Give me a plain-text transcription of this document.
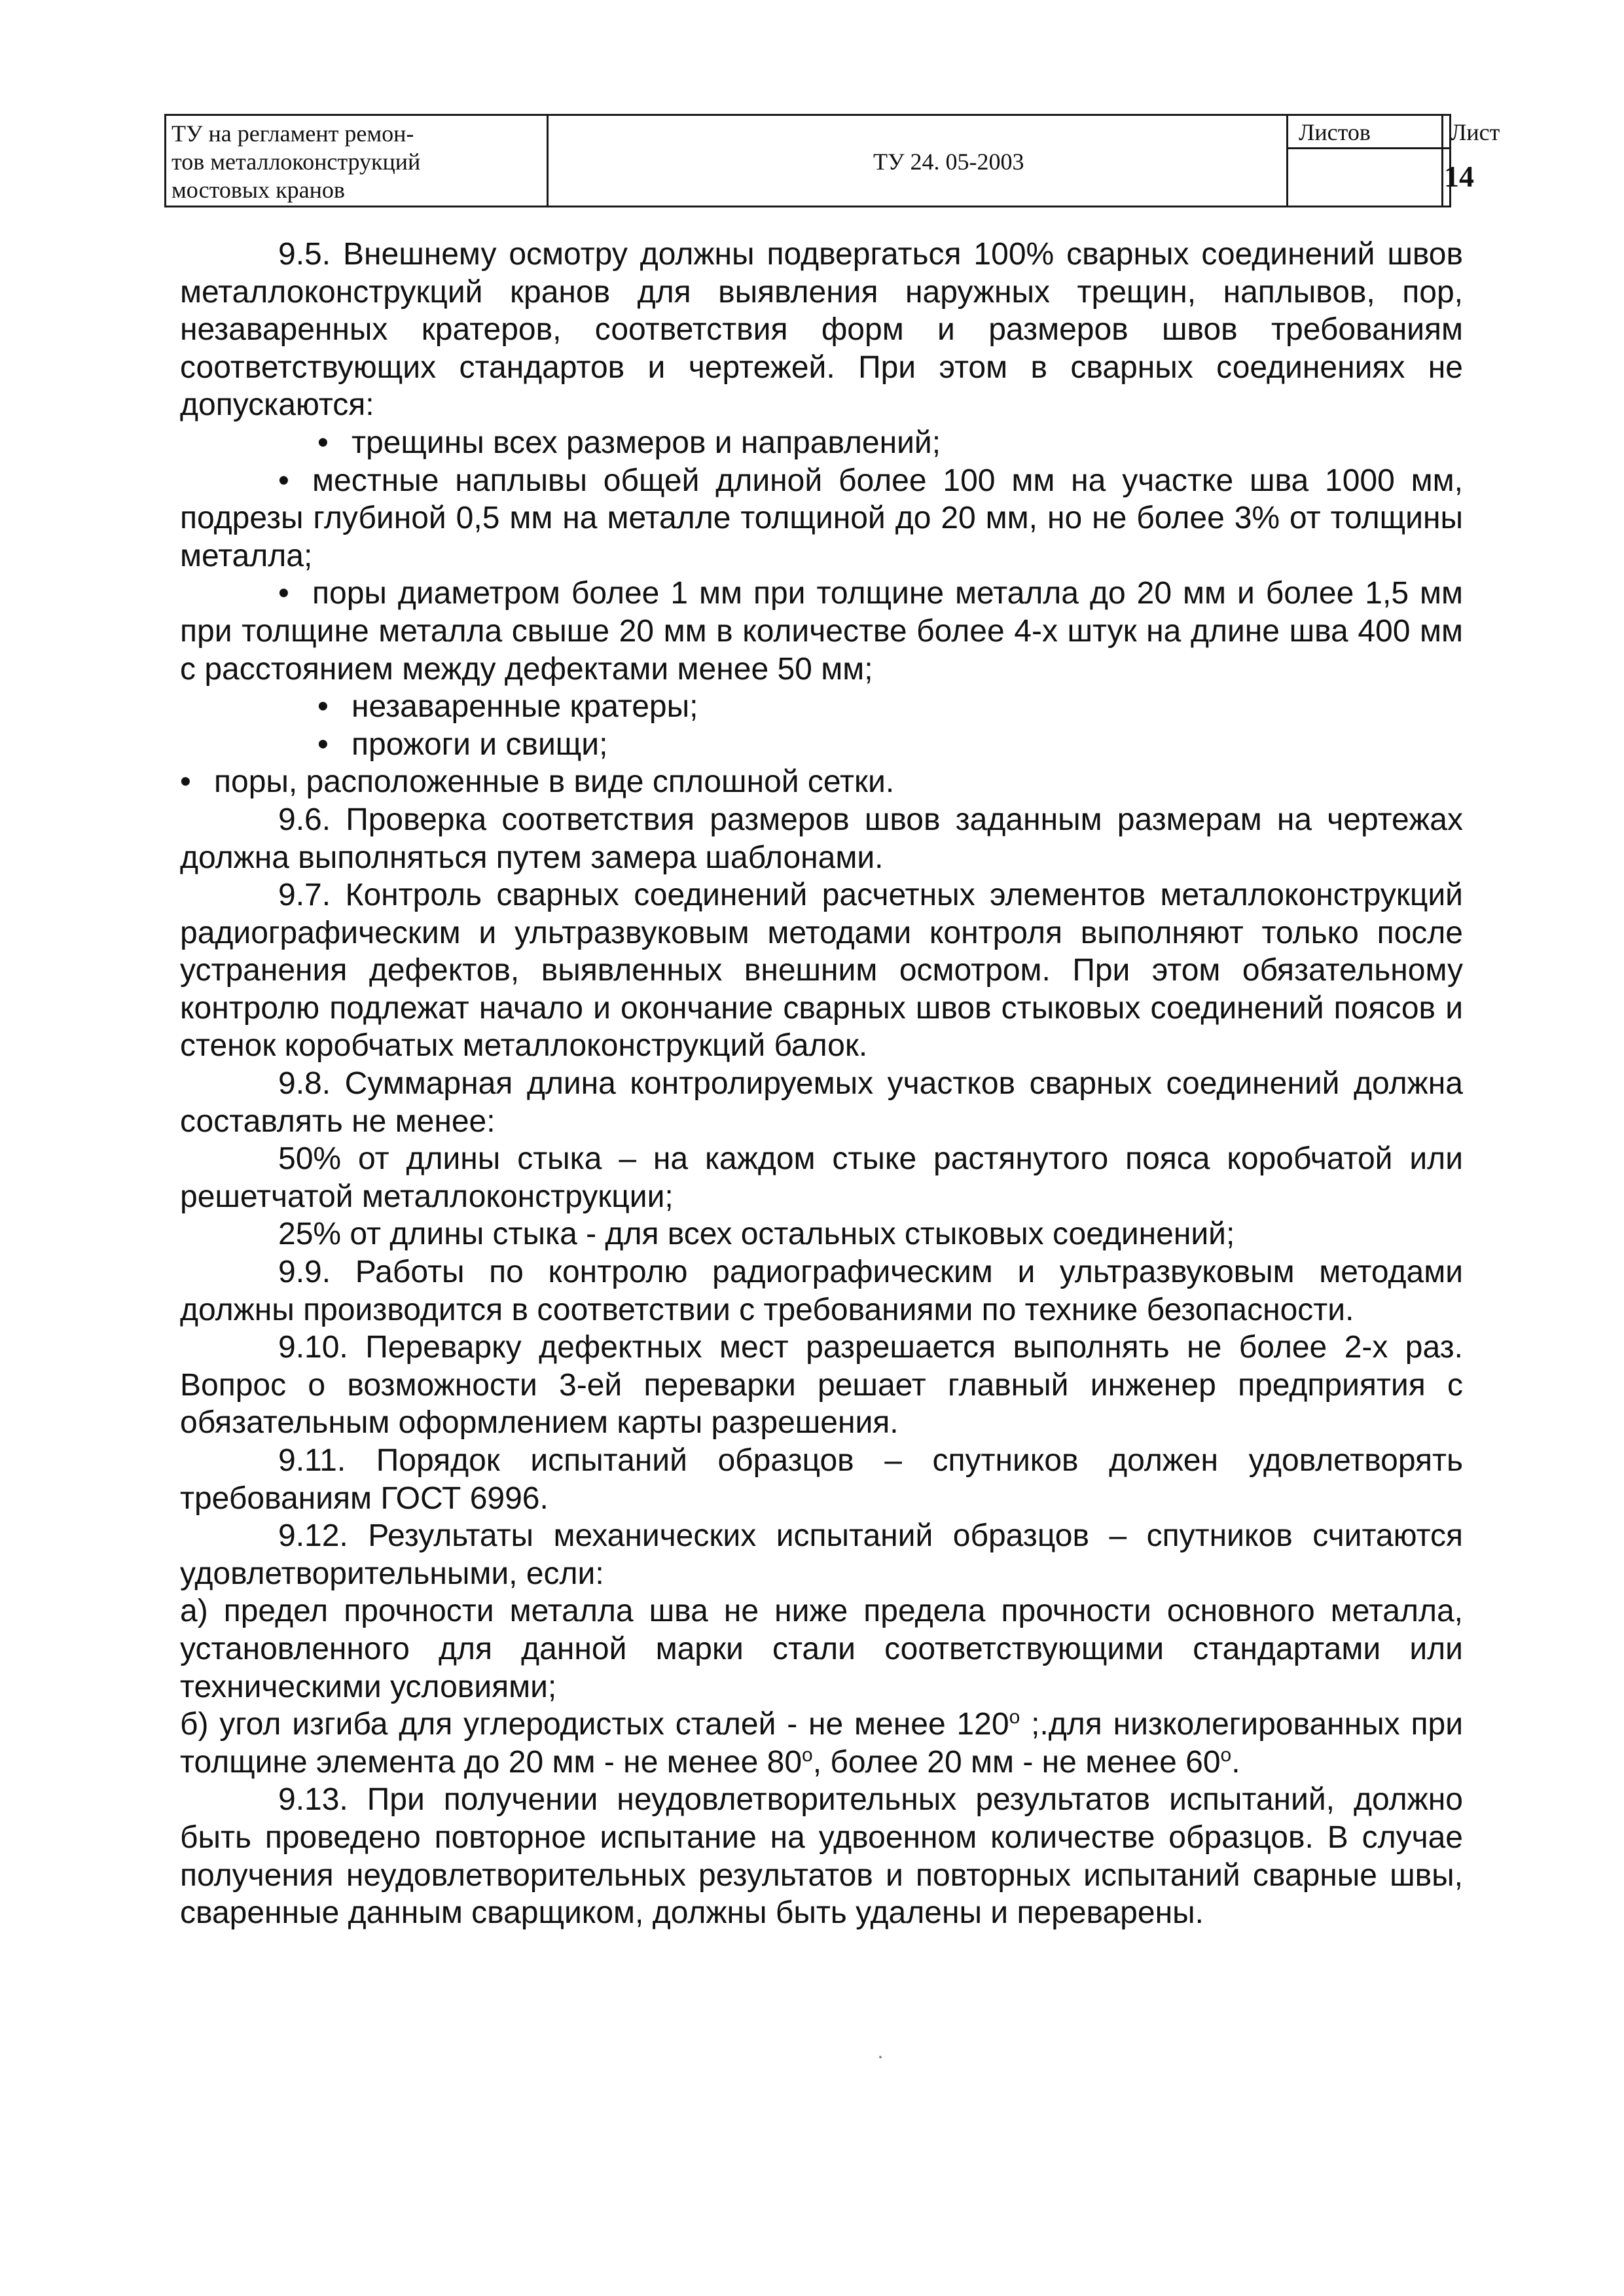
ТУ на регламент ремон-
тов металлоконструкций
мостовых кранов
ТУ 24. 05-2003
Листов	Лист
14

9.5. Внешнему осмотру должны подвергаться 100% сварных соединений швов металлоконструкций кранов для выявления наружных трещин, наплывов, пор, незаваренных кратеров, соответствия форм и размеров швов требованиям соответствующих стандартов и чертежей. При этом в сварных соединениях не допускаются:

• трещины всех размеров и направлений;

• местные наплывы общей длиной более 100 мм на участке шва 1000 мм, подрезы глубиной 0,5 мм на металле толщиной до 20 мм, но не более 3% от толщины металла;

• поры диаметром более 1 мм при толщине металла до 20 мм и более 1,5 мм при толщине металла свыше 20 мм в количестве более 4-х штук на длине шва 400 мм с расстоянием между дефектами менее 50 мм;

• незаваренные кратеры;

• прожоги и свищи;

• поры, расположенные в виде сплошной сетки.

9.6. Проверка соответствия размеров швов заданным размерам на чертежах должна выполняться путем замера шаблонами.

9.7. Контроль сварных соединений расчетных элементов металлоконструкций радиографическим и ультразвуковым методами контроля выполняют только после устранения дефектов, выявленных внешним осмотром. При этом обязательному контролю подлежат начало и окончание сварных швов стыковых соединений поясов и стенок коробчатых металлоконструкций балок.

9.8. Суммарная длина контролируемых участков сварных соединений должна составлять не менее:

50% от длины стыка – на каждом стыке растянутого пояса коробчатой или решетчатой металлоконструкции;

25% от длины стыка - для всех остальных стыковых соединений;

9.9. Работы по контролю радиографическим и ультразвуковым методами должны производится в соответствии с требованиями по технике безопасности.

9.10. Переварку дефектных мест разрешается выполнять не более 2-х раз. Вопрос о возможности 3-ей переварки решает главный инженер предприятия с обязательным оформлением карты разрешения.

9.11. Порядок испытаний образцов – спутников должен удовлетворять требованиям ГОСТ 6996.

9.12. Результаты механических испытаний образцов – спутников считаются удовлетворительными, если:

а) предел прочности металла шва не ниже предела прочности основного металла, установленного для данной марки стали соответствующими стандартами или техническими условиями;

б) угол изгиба для углеродистых сталей - не менее $120^о$ ;.для низколегированных при толщине элемента до 20 мм - не менее $80^о$, более 20 мм - не менее $60^о$.

9.13. При получении неудовлетворительных результатов испытаний, должно быть проведено повторное испытание на удвоенном количестве образцов. В случае получения неудовлетворительных результатов и повторных испытаний сварные швы, сваренные данным сварщиком, должны быть удалены и переварены.
